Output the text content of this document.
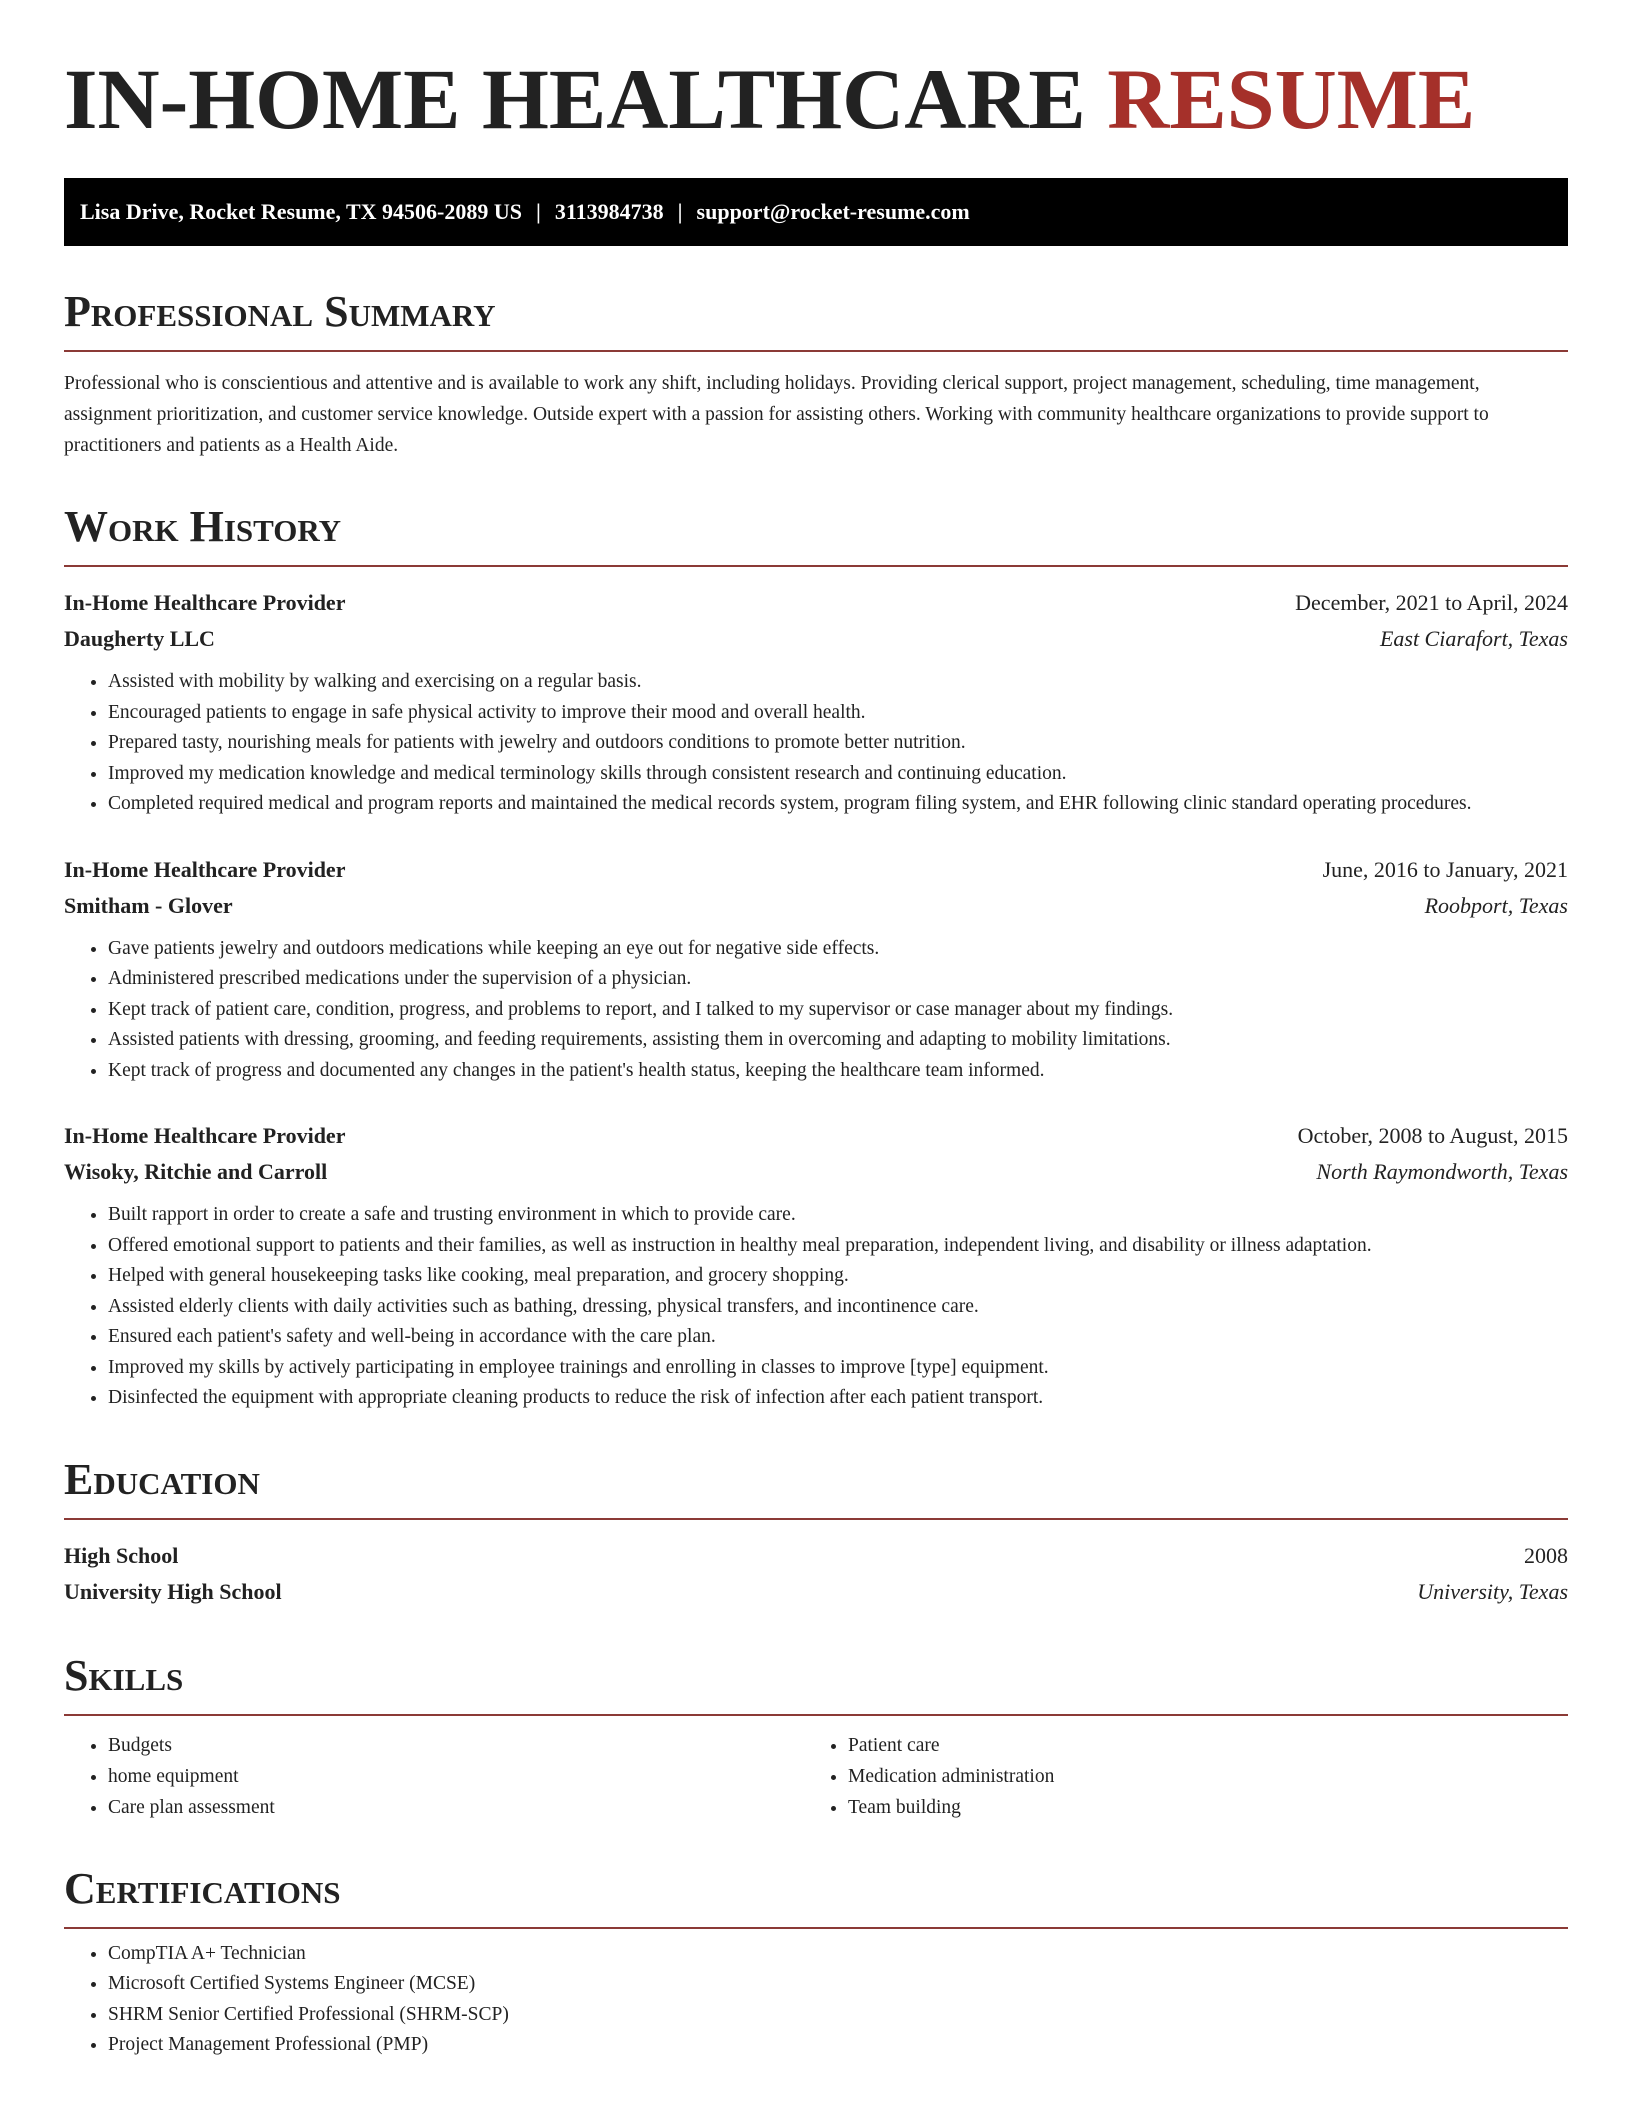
IN-HOME HEALTHCARE RESUME
Lisa Drive, Rocket Resume, TX 94506-2089 US | 3113984738 | support@rocket-resume.com
Professional Summary
Professional who is conscientious and attentive and is available to work any shift, including holidays. Providing clerical support, project management, scheduling, time management, assignment prioritization, and customer service knowledge. Outside expert with a passion for assisting others. Working with community healthcare organizations to provide support to practitioners and patients as a Health Aide.
Work History
In-Home Healthcare Provider	December, 2021 to April, 2024
Daugherty LLC	East Ciarafort, Texas
• Assisted with mobility by walking and exercising on a regular basis.
• Encouraged patients to engage in safe physical activity to improve their mood and overall health.
• Prepared tasty, nourishing meals for patients with jewelry and outdoors conditions to promote better nutrition.
• Improved my medication knowledge and medical terminology skills through consistent research and continuing education.
• Completed required medical and program reports and maintained the medical records system, program filing system, and EHR following clinic standard operating procedures.
In-Home Healthcare Provider	June, 2016 to January, 2021
Smitham - Glover	Roobport, Texas
• Gave patients jewelry and outdoors medications while keeping an eye out for negative side effects.
• Administered prescribed medications under the supervision of a physician.
• Kept track of patient care, condition, progress, and problems to report, and I talked to my supervisor or case manager about my findings.
• Assisted patients with dressing, grooming, and feeding requirements, assisting them in overcoming and adapting to mobility limitations.
• Kept track of progress and documented any changes in the patient's health status, keeping the healthcare team informed.
In-Home Healthcare Provider	October, 2008 to August, 2015
Wisoky, Ritchie and Carroll	North Raymondworth, Texas
• Built rapport in order to create a safe and trusting environment in which to provide care.
• Offered emotional support to patients and their families, as well as instruction in healthy meal preparation, independent living, and disability or illness adaptation.
• Helped with general housekeeping tasks like cooking, meal preparation, and grocery shopping.
• Assisted elderly clients with daily activities such as bathing, dressing, physical transfers, and incontinence care.
• Ensured each patient's safety and well-being in accordance with the care plan.
• Improved my skills by actively participating in employee trainings and enrolling in classes to improve [type] equipment.
• Disinfected the equipment with appropriate cleaning products to reduce the risk of infection after each patient transport.
Education
High School	2008
University High School	University, Texas
Skills
• Budgets
• home equipment
• Care plan assessment
• Patient care
• Medication administration
• Team building
Certifications
• CompTIA A+ Technician
• Microsoft Certified Systems Engineer (MCSE)
• SHRM Senior Certified Professional (SHRM-SCP)
• Project Management Professional (PMP)
